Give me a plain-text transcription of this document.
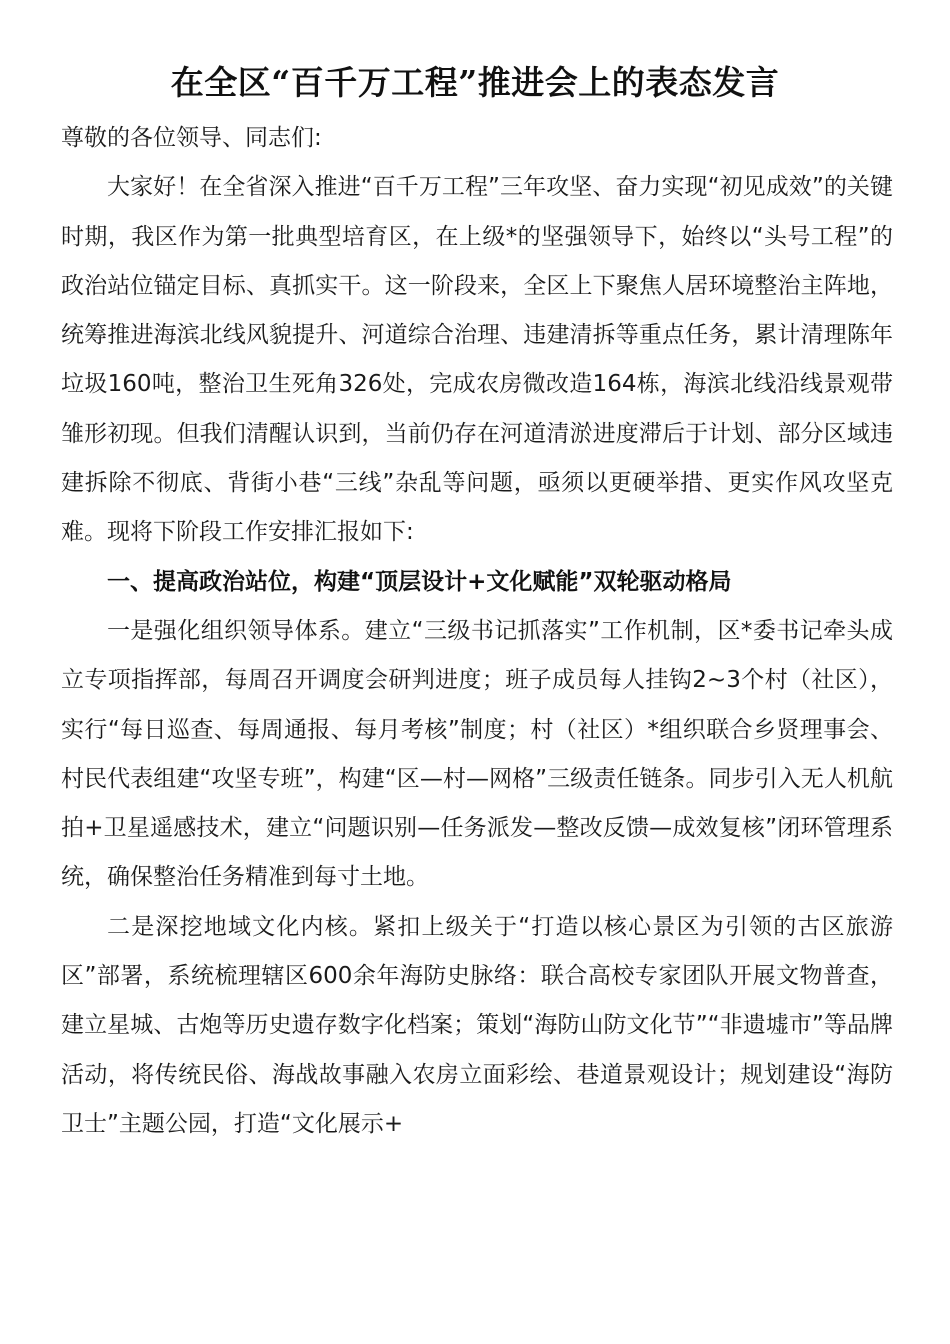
在全区“百千万工程”推进会上的表态发言

尊敬的各位领导、同志们:

大家好！在全省深入推进“百千万工程”三年攻坚、奋力实现“初见成效”的关键时期，我区作为第一批典型培育区，在上级*的坚强领导下，始终以“头号工程”的政治站位锚定目标、真抓实干。这一阶段来，全区上下聚焦人居环境整治主阵地，统筹推进海滨北线风貌提升、河道综合治理、违建清拆等重点任务，累计清理陈年垃圾160吨，整治卫生死角326处，完成农房微改造164栋，海滨北线沿线景观带雏形初现。但我们清醒认识到，当前仍存在河道清淤进度滞后于计划、部分区域违建拆除不彻底、背街小巷“三线”杂乱等问题，亟须以更硬举措、更实作风攻坚克难。现将下阶段工作安排汇报如下:

一、提高政治站位，构建“顶层设计+文化赋能”双轮驱动格局

一是强化组织领导体系。建立“三级书记抓落实”工作机制，区*委书记牵头成立专项指挥部，每周召开调度会研判进度；班子成员每人挂钩2~3个村（社区），实行“每日巡查、每周通报、每月考核”制度；村（社区）*组织联合乡贤理事会、村民代表组建“攻坚专班”，构建“区—村—网格”三级责任链条。同步引入无人机航拍+卫星遥感技术，建立“问题识别—任务派发—整改反馈—成效复核”闭环管理系统，确保整治任务精准到每寸土地。

二是深挖地域文化内核。紧扣上级关于“打造以核心景区为引领的古区旅游区”部署，系统梳理辖区600余年海防史脉络：联合高校专家团队开展文物普查，建立星城、古炮等历史遗存数字化档案；策划“海防山防文化节”“非遗墟市”等品牌活动，将传统民俗、海战故事融入农房立面彩绘、巷道景观设计；规划建设“海防卫士”主题公园，打造“文化展示+
